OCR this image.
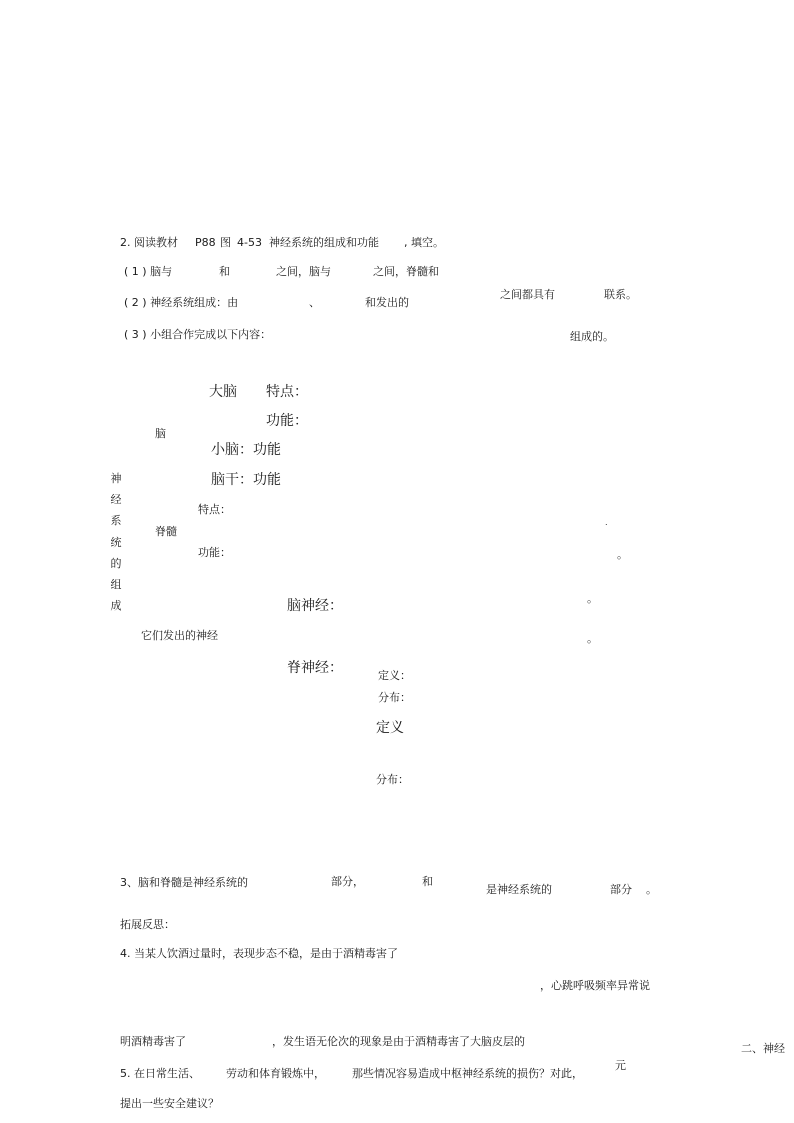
2. 阅读教材 P88 图 4-53 神经系统的组成和功能 , 填空。
( 1 ) 脑与	和	之间，脑与	之间，脊髓和
( 2 ) 神经系统组成：由	、	和发出的
之间都具有	联系。
( 3 ) 小组合作完成以下内容：	组成的。
神
经
系
统
的
组
成
脑
大脑 特点：
功能：
小脑：功能
脑干：功能
脊髓
特点：
功能：
.
。
它们发出的神经
脑神经：	。
。
脊神经：	定义：
分布：
定义
分布：
3、脑和脊髓是神经系统的	部分，	和
是神经系统的	部分 。
拓展反思：
4. 当某人饮酒过量时，表现步态不稳，是由于酒精毒害了
，心跳呼吸频率异常说
明酒精毒害了	，发生语无伦次的现象是由于酒精毒害了大脑皮层的
二、神经
元
5. 在日常生活、 劳动和体育锻炼中， 那些情况容易造成中枢神经系统的损伤？对此，
提出一些安全建议？
